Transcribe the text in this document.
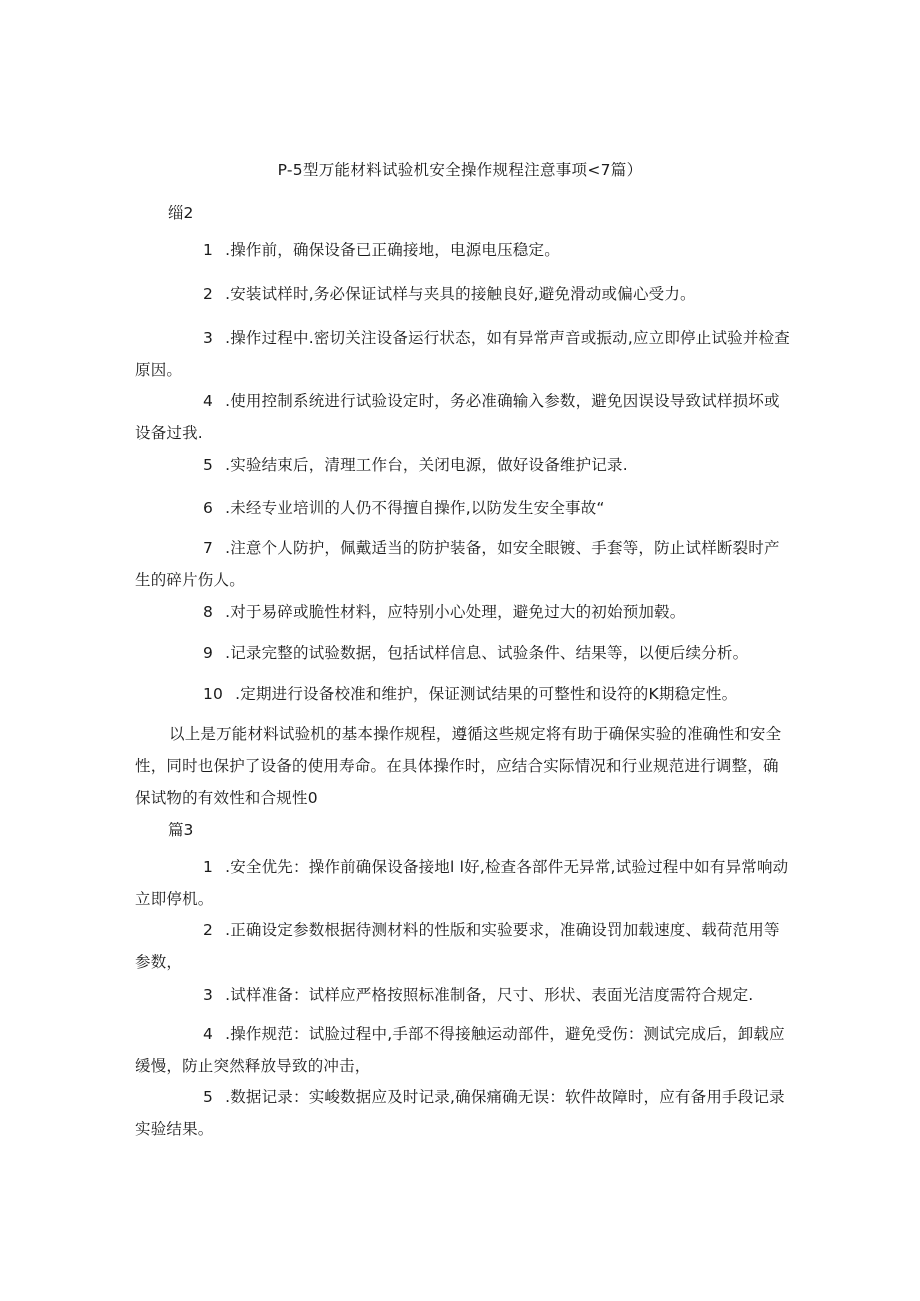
P-5型万能材料试验机安全操作规程注意事项<7篇）
缁2

1 .操作前，确保设备已正确接地，电源电压稳定。

2 .安装试样时,务必保证试样与夹具的接触良好,避免滑动或偏心受力。

3 .操作过程中.密切关注设备运行状态，如有异常声音或振动,应立即停止试验并检查原因。

4 .使用控制系统进行试验设定时，务必准确输入参数，避免因误设导致试样损坏或设备过我.

5 .实验结束后，清理工作台，关闭电源，做好设备维护记录.

6 .未经专业培训的人仍不得擅自操作,以防发生安全事故“

7 .注意个人防护，佩戴适当的防护装备，如安全眼镀、手套等，防止试样断裂时产生的碎片伤人。

8 .对于易碎或脆性材料，应特别小心处理，避免过大的初始预加毂。

9 .记录完整的试验数据，包括试样信息、试验条件、结果等，以便后续分析。

10 .定期进行设备校准和维护，保证测试结果的可整性和设符的K期稳定性。

以上是万能材料试验机的基本操作规程，遵循这些规定将有助于确保实验的准确性和安全性，同时也保护了设备的使用寿命。在具体操作时，应结合实际情况和行业规范进行调整，确保试物的有效性和合规性0

篇3

1 .安全优先：操作前确保设备接地l l好,检查各部件无异常,试验过程中如有异常响动立即停机。

2 .正确设定参数根据待测材料的性版和实验要求，准确设罚加载速度、载荷范用等参数，

3 .试样准备：试样应严格按照标准制备，尺寸、形状、表面光洁度需符合规定.

4 .操作规范：试脸过程中,手部不得接触运动部件，避免受伤：测试完成后，卸载应缓慢，防止突然释放导致的冲击，

5 .数据记录：实峻数据应及时记录,确保痛确无误：软件故障时，应有备用手段记录实验结果。
